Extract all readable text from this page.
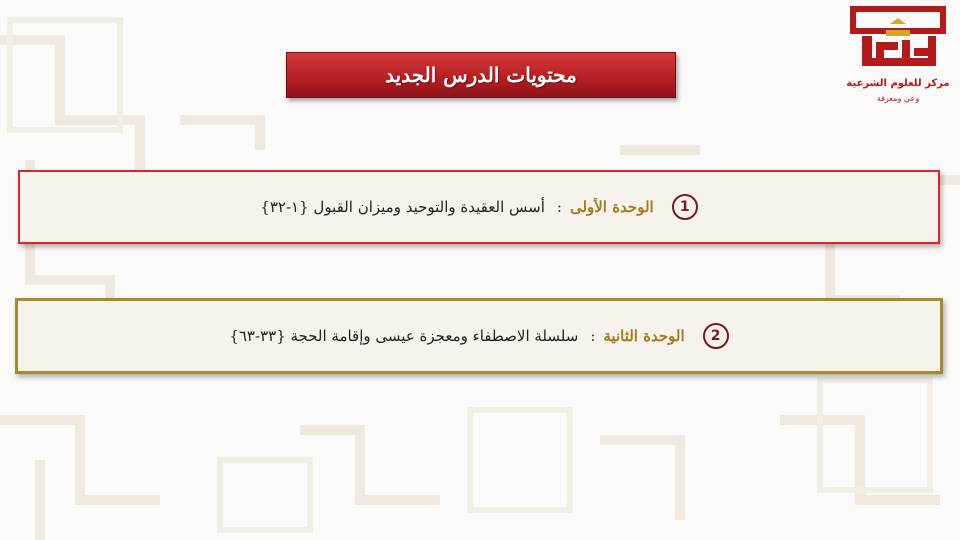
مركز للعلوم الشرعية
وعي ومعرفة
محتويات الدرس الجديد
1
الوحدة الأولى
:
أسس العقيدة والتوحيد وميزان القبول {١-٣٢}
2
الوحدة الثانية
:
سلسلة الاصطفاء ومعجزة عيسى وإقامة الحجة {٣٣-٦٣}
